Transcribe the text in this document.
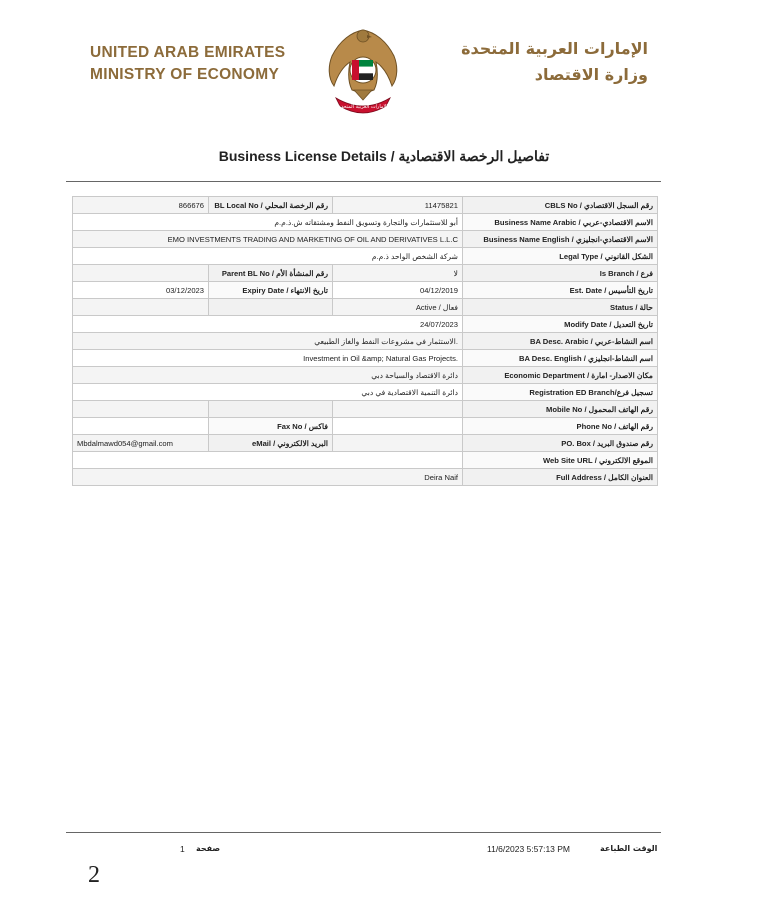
UNITED ARAB EMIRATES
MINISTRY OF ECONOMY
الإمارات العربية المتحدة
الإمارات العربية المتحدة
وزارة الاقتصاد
Business License Details / تفاصيل الرخصة الاقتصادية
866676	رقم الرخصة المحلي / BL Local No	11475821	رقم السجل الاقتصادي / CBLS No
أبو للاستثمارات والتجارة وتسويق النفط ومشتقاته ش.ذ.م.م			الاسم الاقتصادي-عربي / Business Name Arabic
EMO INVESTMENTS TRADING AND MARKETING OF OIL AND DERIVATIVES L.L.C			الاسم الاقتصادي-انجليزي / Business Name English
شركة الشخص الواحد ذ.م.م			الشكل القانوني / Legal Type
	رقم المنشأة الأم / Parent BL No	لا	فرع / Is Branch
03/12/2023	تاريخ الانتهاء / Expiry Date	04/12/2019	تاريخ التأسيس / Est. Date
		Active / فعال	حالة / Status
24/07/2023			تاريخ التعديل / Modify Date
الاستثمار في مشروعات النفط والغاز الطبيعي.			اسم النشاط-عربي / BA Desc. Arabic
Investment in Oil &amp; Natural Gas Projects.			اسم النشاط-انجليزي / BA Desc. English
دائرة الاقتصاد والسياحة دبي			مكان الاصدار- امارة / Economic Department
دائرة التنمية الاقتصادية في دبي			تسجيل فرع/Registration ED Branch
			رقم الهاتف المحمول / Mobile No
	فاكس / Fax No		رقم الهاتف / Phone No
Mbdalmawd054@gmail.com	البريد الالكتروني / eMail		رقم صندوق البريد / PO. Box
			الموقع الالكتروني / Web Site URL
Deira Naif			العنوان الكامل / Full Address
الوقت الطباعة
11/6/2023 5:57:13 PM
صفحة
1
2
